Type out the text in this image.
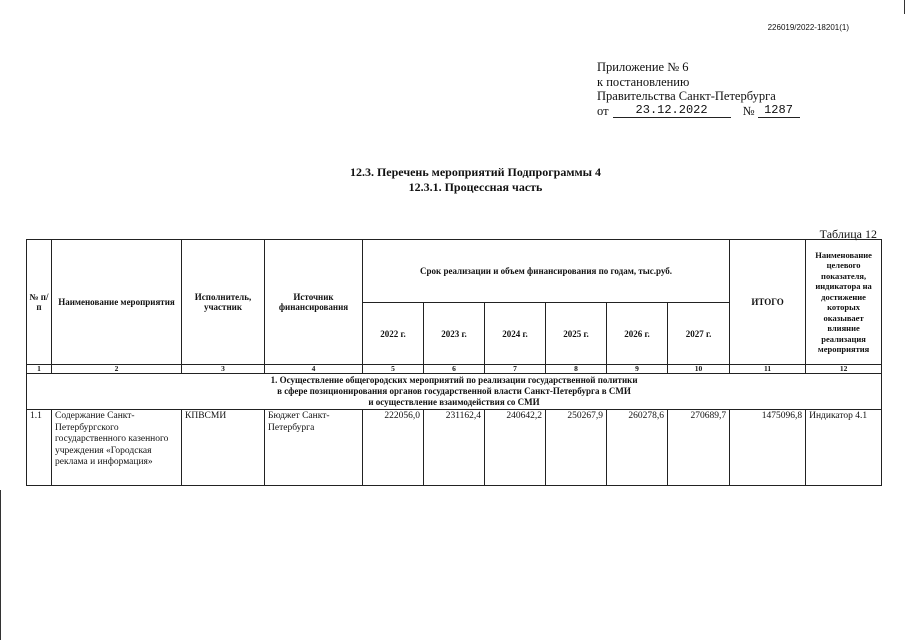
226019/2022-18201(1)
Приложение № 6
к постановлению
Правительства Санкт-Петербурга
от	23.12.2022	№ 1287
12.3. Перечень мероприятий Подпрограммы 4
12.3.1. Процессная часть
Таблица 12
№ п/п	Наименование мероприятия	Исполнитель, участник	Источник финансирования	Срок реализации и объем финансирования по годам, тыс.руб.						ИТОГО	Наименование целевого показателя, индикатора на достижение которых оказывает влияние реализация мероприятия
				2022 г.	2023 г.	2024 г.	2025 г.	2026 г.	2027 г.		
1	2	3	4	5	6	7	8	9	10	11	12

1. Осуществление общегородских мероприятий по реализации государственной политики
в сфере позиционирования органов государственной власти Санкт-Петербурга в СМИ
и осуществление взаимодействия со СМИ											

1.1	Содержание Санкт-Петербургского государственного казенного учреждения «Городская реклама и информация»	КПВСМИ	Бюджет Санкт-Петербурга	222056,0	231162,4	240642,2	250267,9	260278,6	270689,7	1475096,8	Индикатор 4.1
